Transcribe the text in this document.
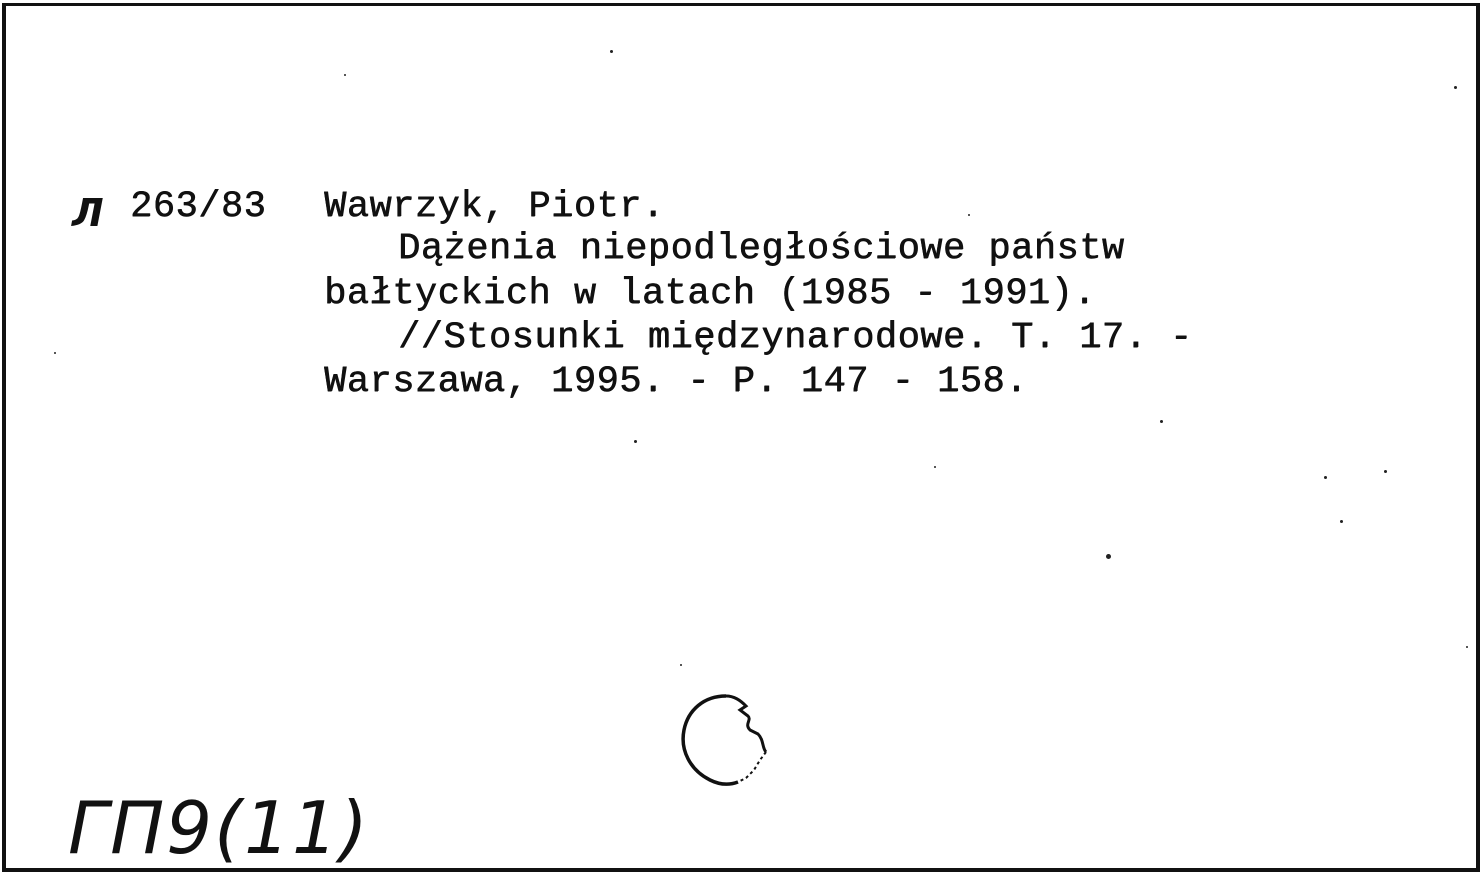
Л 263/83 Wawrzyk, Piotr.
Dążenia niepodległościowe państw
bałtyckich w latach (1985 - 1991).
//Stosunki międzynarodowe. T. 17. -
Warszawa, 1995. - P. 147 - 158.
ГП9(11)
